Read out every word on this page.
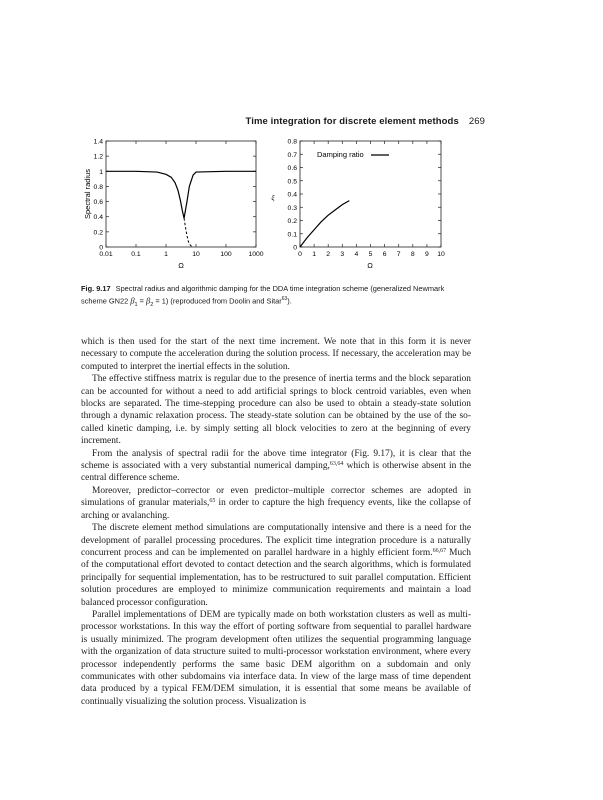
Time integration for discrete element methods 269
0
0.2
0.4
0.6
0.8
1
1.2
1.4
0.01	0.1	1	10	100 1000
Spectral radius
Ω
0
0.1
0.2
0.3
0.4
0.5
0.6
0.7
0.8
0 1 2 3 4 5 6 7 8 9 10
ξ
Ω
Damping ratio
Fig. 9.17 Spectral radius and algorithmic damping for the DDA time integration scheme (generalized Newmark scheme GN22 $\beta_1 = \beta_2 = 1$) (reproduced from Doolin and Sitar$^{63}$).

which is then used for the start of the next time increment. We note that in this form it is never necessary to compute the acceleration during the solution process. If necessary, the acceleration may be computed to interpret the inertial effects in the solution.

The effective stiffness matrix is regular due to the presence of inertia terms and the block separation can be accounted for without a need to add artificial springs to block centroid variables, even when blocks are separated. The time-stepping procedure can also be used to obtain a steady-state solution through a dynamic relaxation process. The steady-state solution can be obtained by the use of the so-called kinetic damping, i.e. by simply setting all block velocities to zero at the beginning of every increment.

From the analysis of spectral radii for the above time integrator (Fig. 9.17), it is clear that the scheme is associated with a very substantial numerical damping,$^{63,64}$ which is otherwise absent in the central difference scheme.

Moreover, predictor–corrector or even predictor–multiple corrector schemes are adopted in simulations of granular materials,$^{65}$ in order to capture the high frequency events, like the collapse of arching or avalanching.

The discrete element method simulations are computationally intensive and there is a need for the development of parallel processing procedures. The explicit time integration procedure is a naturally concurrent process and can be implemented on parallel hardware in a highly efficient form.$^{66,67}$ Much of the computational effort devoted to contact detection and the search algorithms, which is formulated principally for sequential implementation, has to be restructured to suit parallel computation. Efficient solution procedures are employed to minimize communication requirements and maintain a load balanced processor configuration.

Parallel implementations of DEM are typically made on both workstation clusters as well as multi-processor workstations. In this way the effort of porting software from sequential to parallel hardware is usually minimized. The program development often utilizes the sequential programming language with the organization of data structure suited to multi-processor workstation environment, where every processor independently performs the same basic DEM algorithm on a subdomain and only communicates with other subdomains via interface data. In view of the large mass of time dependent data produced by a typical FEM/DEM simulation, it is essential that some means be available of continually visualizing the solution process. Visualization is
